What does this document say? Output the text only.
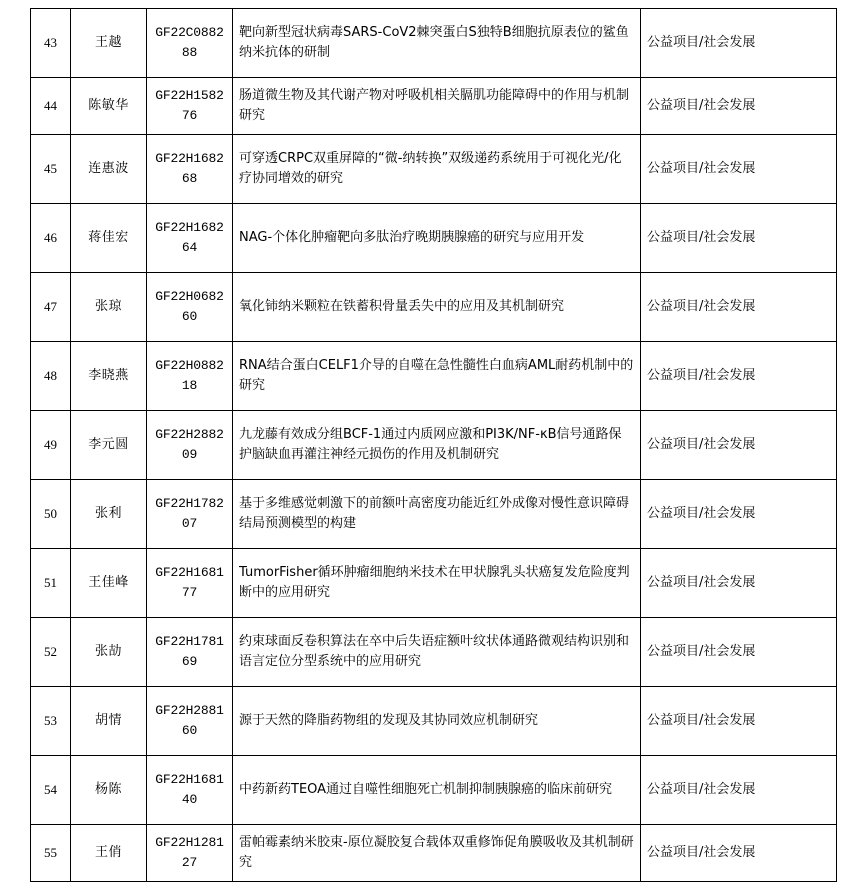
43	王越	GF22C088288	靶向新型冠状病毒SARS-CoV2棘突蛋白S独特B细胞抗原表位的鲨鱼纳米抗体的研制	公益项目/社会发展
44	陈敏华	GF22H158276	肠道微生物及其代谢产物对呼吸机相关膈肌功能障碍中的作用与机制研究	公益项目/社会发展
45	连惠波	GF22H168268	可穿透CRPC双重屏障的“微-纳转换”双级递药系统用于可视化光/化疗协同增效的研究	公益项目/社会发展
46	蒋佳宏	GF22H168264	NAG-个体化肿瘤靶向多肽治疗晚期胰腺癌的研究与应用开发	公益项目/社会发展
47	张琼	GF22H068260	氧化铈纳米颗粒在铁蓄积骨量丢失中的应用及其机制研究	公益项目/社会发展
48	李晓燕	GF22H088218	RNA结合蛋白CELF1介导的自噬在急性髓性白血病AML耐药机制中的研究	公益项目/社会发展
49	李元圆	GF22H288209	九龙藤有效成分组BCF-1通过内质网应激和PI3K/NF-κB信号通路保护脑缺血再灌注神经元损伤的作用及机制研究	公益项目/社会发展
50	张利	GF22H178207	基于多维感觉刺激下的前额叶高密度功能近红外成像对慢性意识障碍结局预测模型的构建	公益项目/社会发展
51	王佳峰	GF22H168177	TumorFisher循环肿瘤细胞纳米技术在甲状腺乳头状癌复发危险度判断中的应用研究	公益项目/社会发展
52	张劼	GF22H178169	约束球面反卷积算法在卒中后失语症额叶纹状体通路微观结构识别和语言定位分型系统中的应用研究	公益项目/社会发展
53	胡情	GF22H288160	源于天然的降脂药物组的发现及其协同效应机制研究	公益项目/社会发展
54	杨陈	GF22H168140	中药新药TEOA通过自噬性细胞死亡机制抑制胰腺癌的临床前研究	公益项目/社会发展
55	王俏	GF22H128127	雷帕霉素纳米胶束-原位凝胶复合载体双重修饰促角膜吸收及其机制研究	公益项目/社会发展
